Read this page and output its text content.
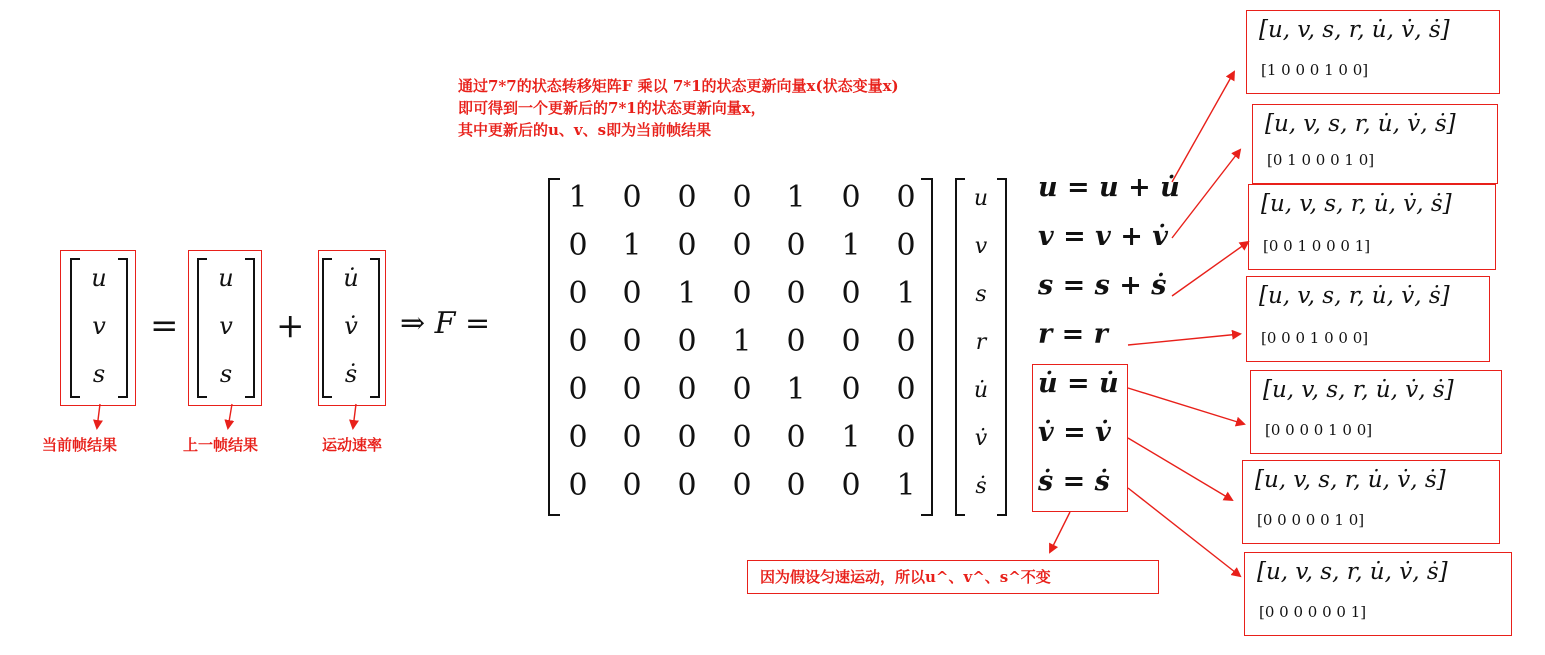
通过7*7的状态转移矩阵F 乘以 7*1的状态更新向量x(状态变量x)
即可得到一个更新后的7*1的状态更新向量x，
其中更新后的u、v、s即为当前帧结果
u
v
s
=
u
v
s
+
u̇
v̇
ṡ
⇒ F =
当前帧结果	上一帧结果	运动速率
1	0	0	0	1	0	0
0	1	0	0	0	1	0
0	0	1	0	0	0	1
0	0	0	1	0	0	0
0	0	0	0	1	0	0
0	0	0	0	0	1	0
0	0	0	0	0	0	1
u
v
s
r
u̇
v̇
ṡ
u = u + u̇
v = v + v̇
s = s + ṡ
r = r
u̇ = u̇
v̇ = v̇
ṡ = ṡ
因为假设匀速运动，所以u^、v^、s^不变
[u, v, s, r, u̇, v̇, ṡ]
[1 0 0 0 1 0 0]
[u, v, s, r, u̇, v̇, ṡ]
[0 1 0 0 0 1 0]
[u, v, s, r, u̇, v̇, ṡ]
[0 0 1 0 0 0 1]
[u, v, s, r, u̇, v̇, ṡ]
[0 0 0 1 0 0 0]
[u, v, s, r, u̇, v̇, ṡ]
[0 0 0 0 1 0 0]
[u, v, s, r, u̇, v̇, ṡ]
[0 0 0 0 0 1 0]
[u, v, s, r, u̇, v̇, ṡ]
[0 0 0 0 0 0 1]
